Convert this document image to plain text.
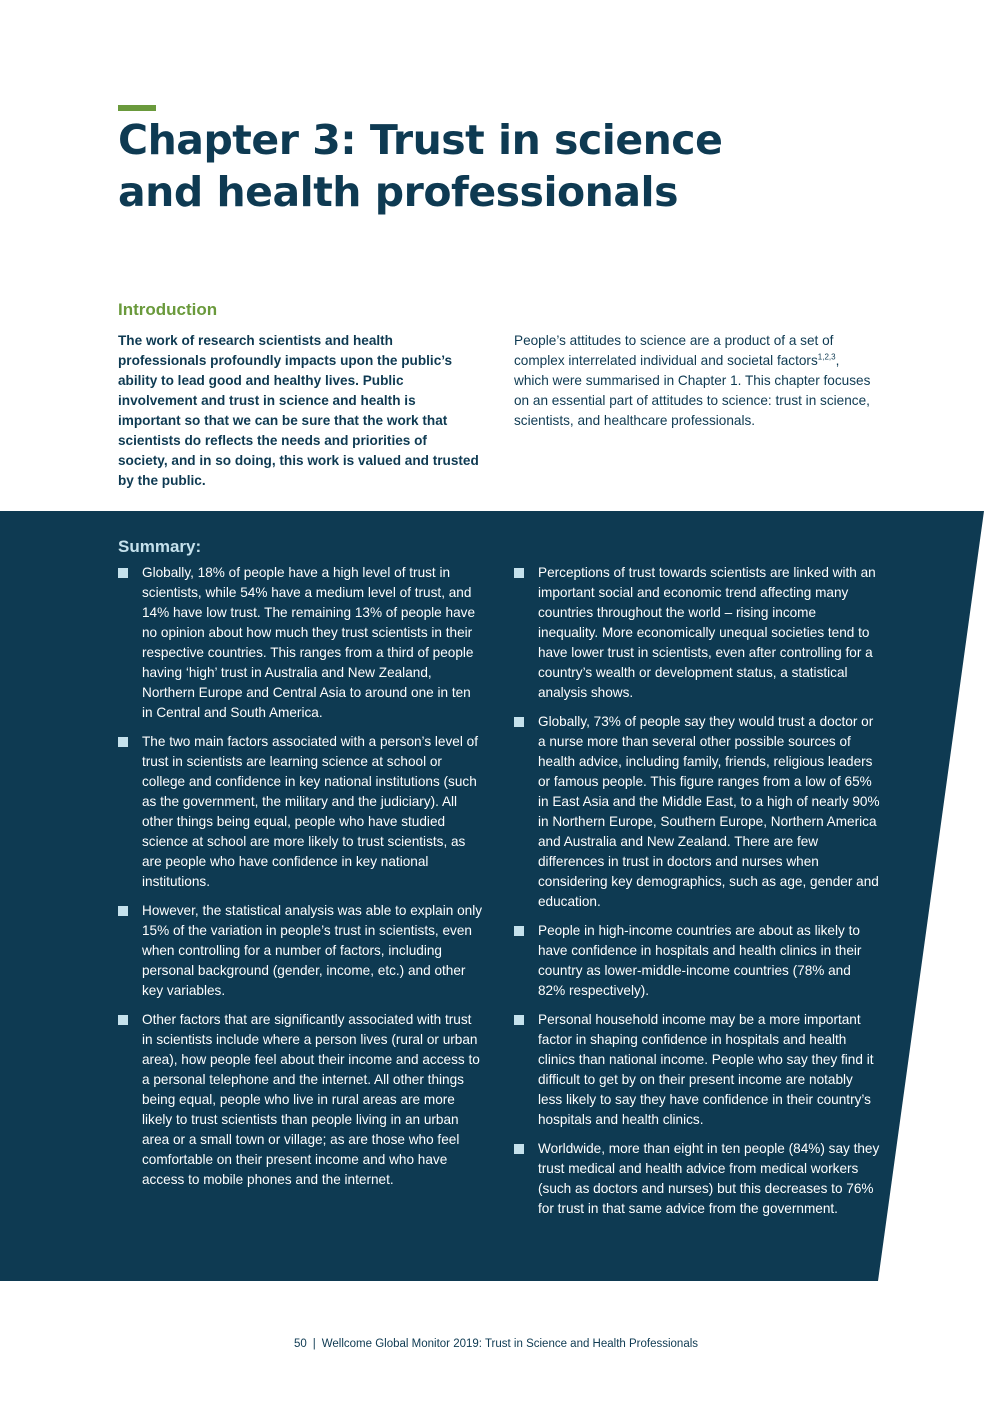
Chapter 3: Trust in science
and health professionals
Introduction

The work of research scientists and health professionals profoundly impacts upon the public’s ability to lead good and healthy lives. Public involvement and trust in science and health is important so that we can be sure that the work that scientists do reflects the needs and priorities of society, and in so doing, this work is valued and trusted by the public.

People’s attitudes to science are a product of a set of complex interrelated individual and societal factors$^{1,2,3}$, which were summarised in Chapter 1. This chapter focuses on an essential part of attitudes to science: trust in science, scientists, and healthcare professionals.

Summary:
Globally, 18% of people have a high level of trust in scientists, while 54% have a medium level of trust, and 14% have low trust. The remaining 13% of people have no opinion about how much they trust scientists in their respective countries. This ranges from a third of people having ‘high’ trust in Australia and New Zealand, Northern Europe and Central Asia to around one in ten in Central and South America.
The two main factors associated with a person’s level of trust in scientists are learning science at school or college and confidence in key national institutions (such as the government, the military and the judiciary). All other things being equal, people who have studied science at school are more likely to trust scientists, as are people who have confidence in key national institutions.
However, the statistical analysis was able to explain only 15% of the variation in people’s trust in scientists, even when controlling for a number of factors, including personal background (gender, income, etc.) and other key variables.
Other factors that are significantly associated with trust in scientists include where a person lives (rural or urban area), how people feel about their income and access to a personal telephone and the internet. All other things being equal, people who live in rural areas are more likely to trust scientists than people living in an urban area or a small town or village; as are those who feel comfortable on their present income and who have access to mobile phones and the internet.
Perceptions of trust towards scientists are linked with an important social and economic trend affecting many countries throughout the world – rising income inequality. More economically unequal societies tend to have lower trust in scientists, even after controlling for a country’s wealth or development status, a statistical analysis shows.
Globally, 73% of people say they would trust a doctor or a nurse more than several other possible sources of health advice, including family, friends, religious leaders or famous people. This figure ranges from a low of 65% in East Asia and the Middle East, to a high of nearly 90% in Northern Europe, Southern Europe, Northern America and Australia and New Zealand. There are few differences in trust in doctors and nurses when considering key demographics, such as age, gender and education.
People in high-income countries are about as likely to have confidence in hospitals and health clinics in their country as lower-middle-income countries (78% and 82% respectively).
Personal household income may be a more important factor in shaping confidence in hospitals and health clinics than national income. People who say they find it difficult to get by on their present income are notably less likely to say they have confidence in their country’s hospitals and health clinics.
Worldwide, more than eight in ten people (84%) say they trust medical and health advice from medical workers (such as doctors and nurses) but this decreases to 76% for trust in that same advice from the government.
50 | Wellcome Global Monitor 2019: Trust in Science and Health Professionals
